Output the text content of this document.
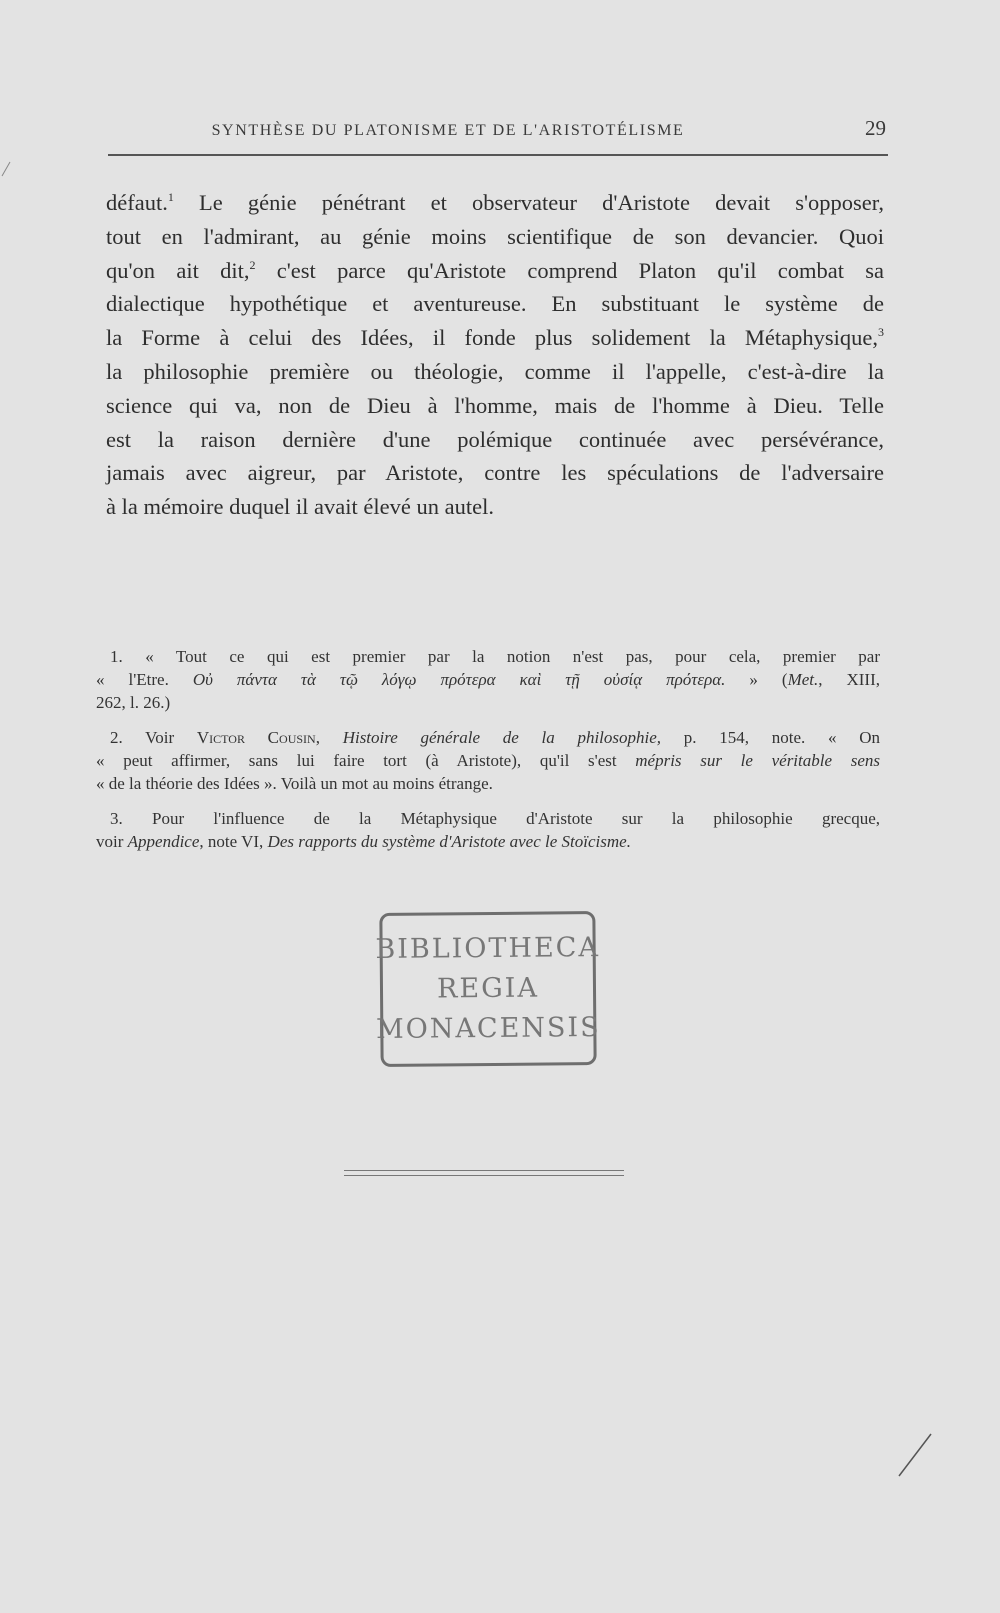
SYNTHÈSE DU PLATONISME ET DE L'ARISTOTÉLISME	29

défaut.$^1$ Le génie pénétrant et observateur d'Aristote devait s'opposer,
tout en l'admirant, au génie moins scientifique de son devancier. Quoi
qu'on ait dit,$^2$ c'est parce qu'Aristote comprend Platon qu'il combat sa
dialectique hypothétique et aventureuse. En substituant le système de
la Forme à celui des Idées, il fonde plus solidement la Métaphysique,$^3$
la philosophie première ou théologie, comme il l'appelle, c'est-à-dire la
science qui va, non de Dieu à l'homme, mais de l'homme à Dieu. Telle
est la raison dernière d'une polémique continuée avec persévérance,
jamais avec aigreur, par Aristote, contre les spéculations de l'adversaire
à la mémoire duquel il avait élevé un autel.

1. « Tout ce qui est premier par la notion n'est pas, pour cela, premier par
« l'Etre. Οὐ πάντα τὰ τῷ λόγῳ πρότερα καὶ τῇ οὐσίᾳ πρότερα. » (Met., XIII,
262, l. 26.)
2. Voir Victor Cousin, Histoire générale de la philosophie, p. 154, note. « On
« peut affirmer, sans lui faire tort (à Aristote), qu'il s'est mépris sur le véritable sens
« de la théorie des Idées ». Voilà un mot au moins étrange.
3. Pour l'influence de la Métaphysique d'Aristote sur la philosophie grecque,
voir Appendice, note VI, Des rapports du système d'Aristote avec le Stoïcisme.
BIBLIOTHECA
REGIA
MONACENSIS
